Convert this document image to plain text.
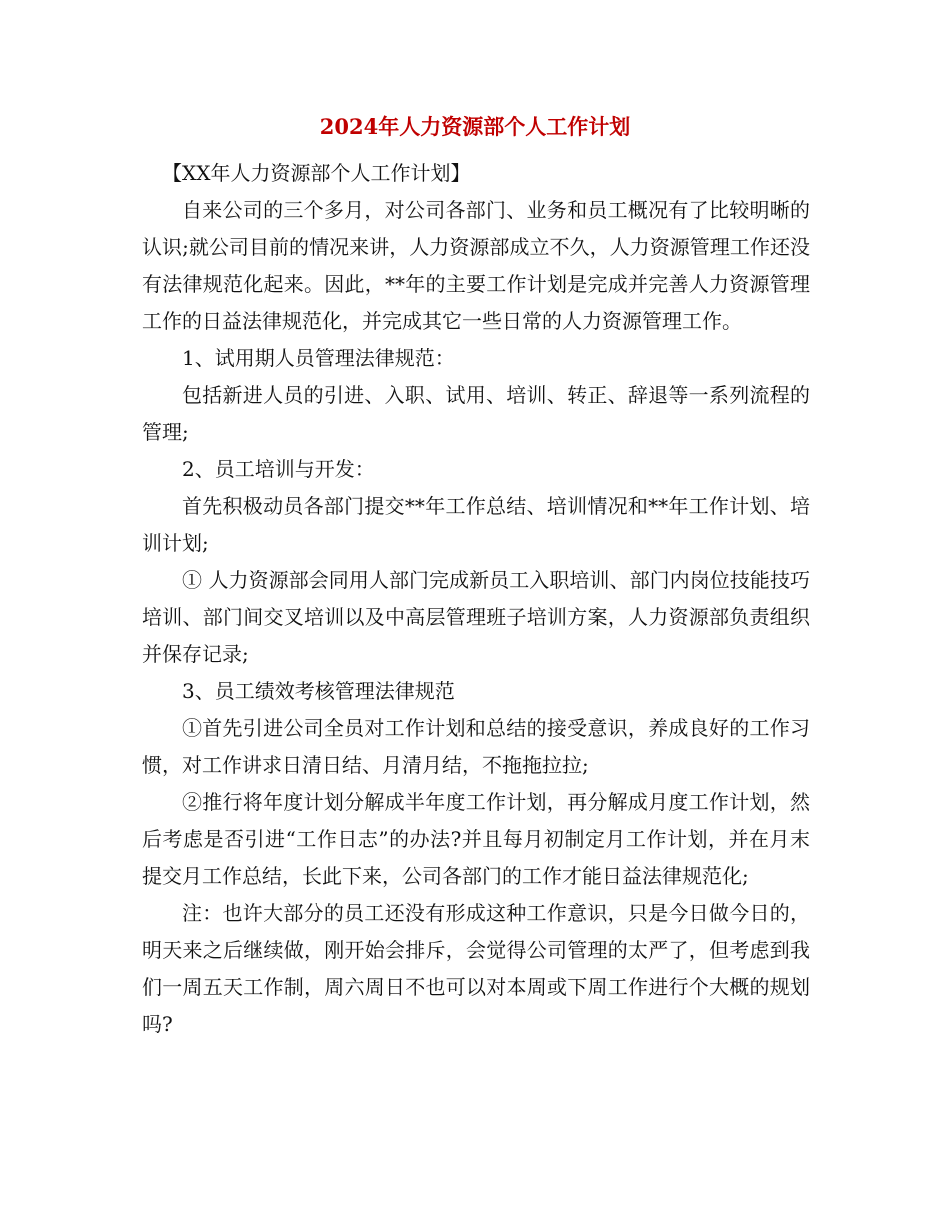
2024年人力资源部个人工作计划

【XX年人力资源部个人工作计划】

自来公司的三个多月，对公司各部门、业务和员工概况有了比较明晰的认识;就公司目前的情况来讲，人力资源部成立不久，人力资源管理工作还没有法律规范化起来。因此，**年的主要工作计划是完成并完善人力资源管理工作的日益法律规范化，并完成其它一些日常的人力资源管理工作。

1、试用期人员管理法律规范：

包括新进人员的引进、入职、试用、培训、转正、辞退等一系列流程的管理;

2、员工培训与开发：

首先积极动员各部门提交**年工作总结、培训情况和**年工作计划、培训计划;

① 人力资源部会同用人部门完成新员工入职培训、部门内岗位技能技巧培训、部门间交叉培训以及中高层管理班子培训方案，人力资源部负责组织并保存记录;

3、员工绩效考核管理法律规范

①首先引进公司全员对工作计划和总结的接受意识，养成良好的工作习惯，对工作讲求日清日结、月清月结，不拖拖拉拉;

②推行将年度计划分解成半年度工作计划，再分解成月度工作计划，然后考虑是否引进“工作日志”的办法?并且每月初制定月工作计划，并在月末提交月工作总结，长此下来，公司各部门的工作才能日益法律规范化;

注：也许大部分的员工还没有形成这种工作意识，只是今日做今日的，明天来之后继续做，刚开始会排斥，会觉得公司管理的太严了，但考虑到我们一周五天工作制，周六周日不也可以对本周或下周工作进行个大概的规划吗?
